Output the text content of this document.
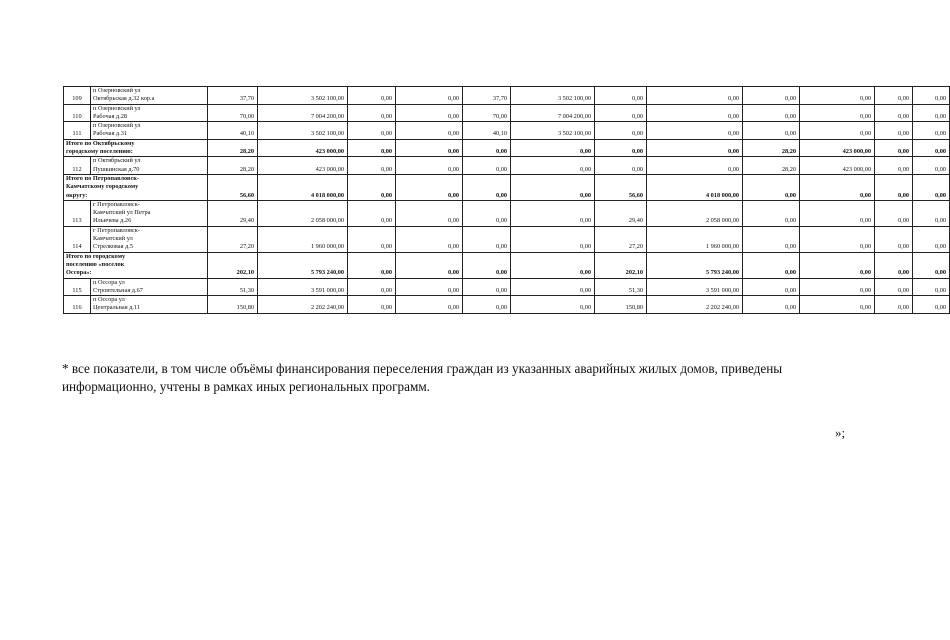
109	п Озерновский ул
Октябрьская д.32 кор.а	37,70	3 502 100,00	0,00	0,00	37,70	3 502 100,00	0,00	0,00	0,00	0,00	0,00	0,00
110	п Озерновский ул
Рабочая д.28	70,00	7 004 200,00	0,00	0,00	70,00	7 004 200,00	0,00	0,00	0,00	0,00	0,00	0,00
111	п Озерновский ул
Рабочая д.31	40,10	3 502 100,00	0,00	0,00	40,10	3 502 100,00	0,00	0,00	0,00	0,00	0,00	0,00
Итого по Октябрьскому
городскому поселению:		28,20	423 000,00	0,00	0,00	0,00	0,00	0,00	0,00	28,20	423 000,00	0,00	0,00
112	п Октябрьский ул
Пушкинская д.70	28,20	423 000,00	0,00	0,00	0,00	0,00	0,00	0,00	28,20	423 000,00	0,00	0,00
Итого по Петропавловск-
Камчатскому городскому
округу:		56,60	4 018 000,00	0,00	0,00	0,00	0,00	56,60	4 018 000,00	0,00	0,00	0,00	0,00
113	г Петропавловск-
Камчатский ул Петра
Ильичева д.26	29,40	2 058 000,00	0,00	0,00	0,00	0,00	29,40	2 058 000,00	0,00	0,00	0,00	0,00
114	г Петропавловск-
Камчатский ул
Стрелковая д.5	27,20	1 960 000,00	0,00	0,00	0,00	0,00	27,20	1 960 000,00	0,00	0,00	0,00	0,00
Итого по городскому
поселению «поселок
Оссора»:		202,10	5 793 240,00	0,00	0,00	0,00	0,00	202,10	5 793 240,00	0,00	0,00	0,00	0,00
115	п Оссора ул
Строительная д.67	51,30	3 591 000,00	0,00	0,00	0,00	0,00	51,30	3 591 000,00	0,00	0,00	0,00	0,00
116	п Оссора ул
Центральная д.11	150,80	2 202 240,00	0,00	0,00	0,00	0,00	150,80	2 202 240,00	0,00	0,00	0,00	0,00
* все показатели, в том числе объёмы финансирования переселения граждан из указанных аварийных жилых домов, приведены информационно, учтены в рамках иных региональных программ.
»;
